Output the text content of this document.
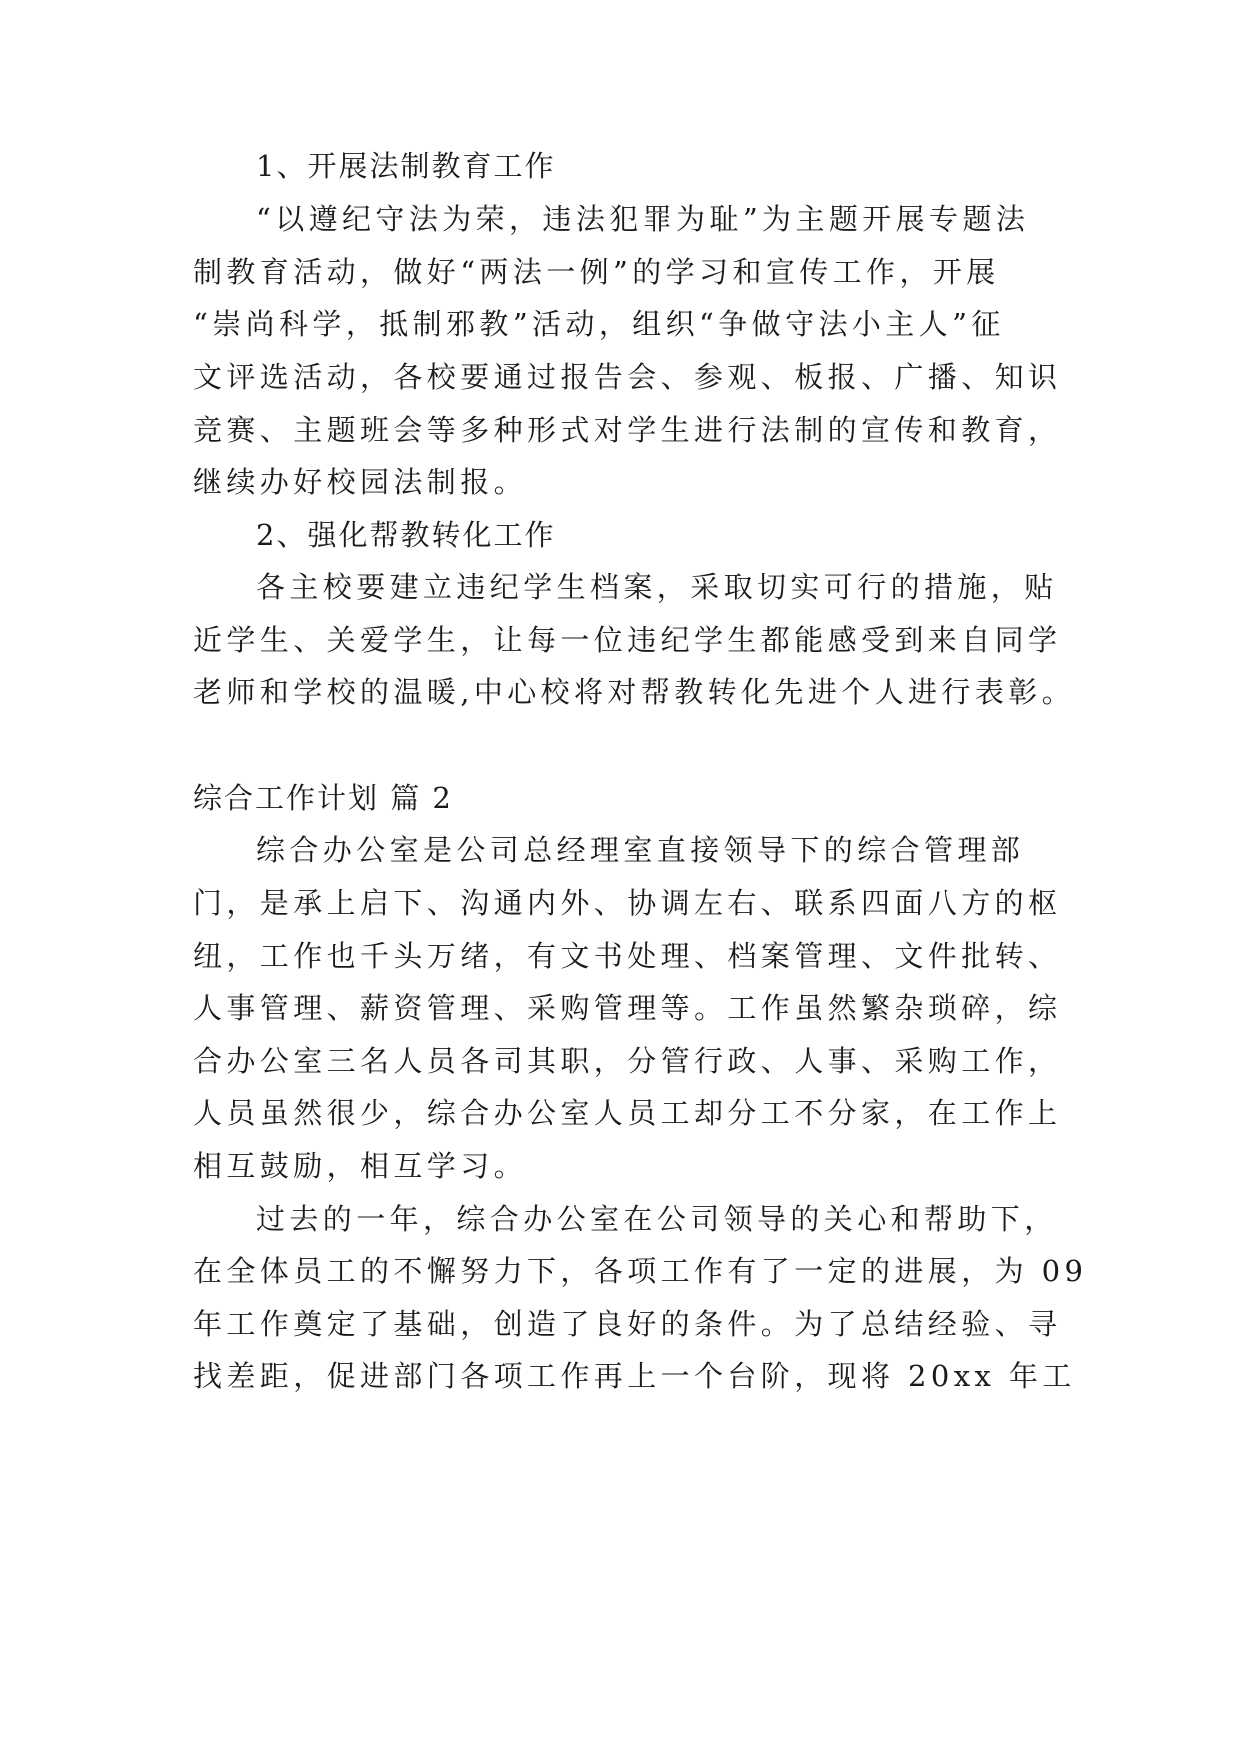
1、开展法制教育工作
“以遵纪守法为荣，违法犯罪为耻”为主题开展专题法
制教育活动，做好“两法一例”的学习和宣传工作，开展
“崇尚科学，抵制邪教”活动，组织“争做守法小主人”征
文评选活动，各校要通过报告会、参观、板报、广播、知识
竞赛、主题班会等多种形式对学生进行法制的宣传和教育，
继续办好校园法制报。
2、强化帮教转化工作
各主校要建立违纪学生档案，采取切实可行的措施，贴
近学生、关爱学生，让每一位违纪学生都能感受到来自同学
老师和学校的温暖,中心校将对帮教转化先进个人进行表彰。
综合工作计划 篇 2
综合办公室是公司总经理室直接领导下的综合管理部
门，是承上启下、沟通内外、协调左右、联系四面八方的枢
纽，工作也千头万绪，有文书处理、档案管理、文件批转、
人事管理、薪资管理、采购管理等。工作虽然繁杂琐碎，综
合办公室三名人员各司其职，分管行政、人事、采购工作，
人员虽然很少，综合办公室人员工却分工不分家，在工作上
相互鼓励，相互学习。
过去的一年，综合办公室在公司领导的关心和帮助下，
在全体员工的不懈努力下，各项工作有了一定的进展，为 09
年工作奠定了基础，创造了良好的条件。为了总结经验、寻
找差距，促进部门各项工作再上一个台阶，现将 20xx 年工
